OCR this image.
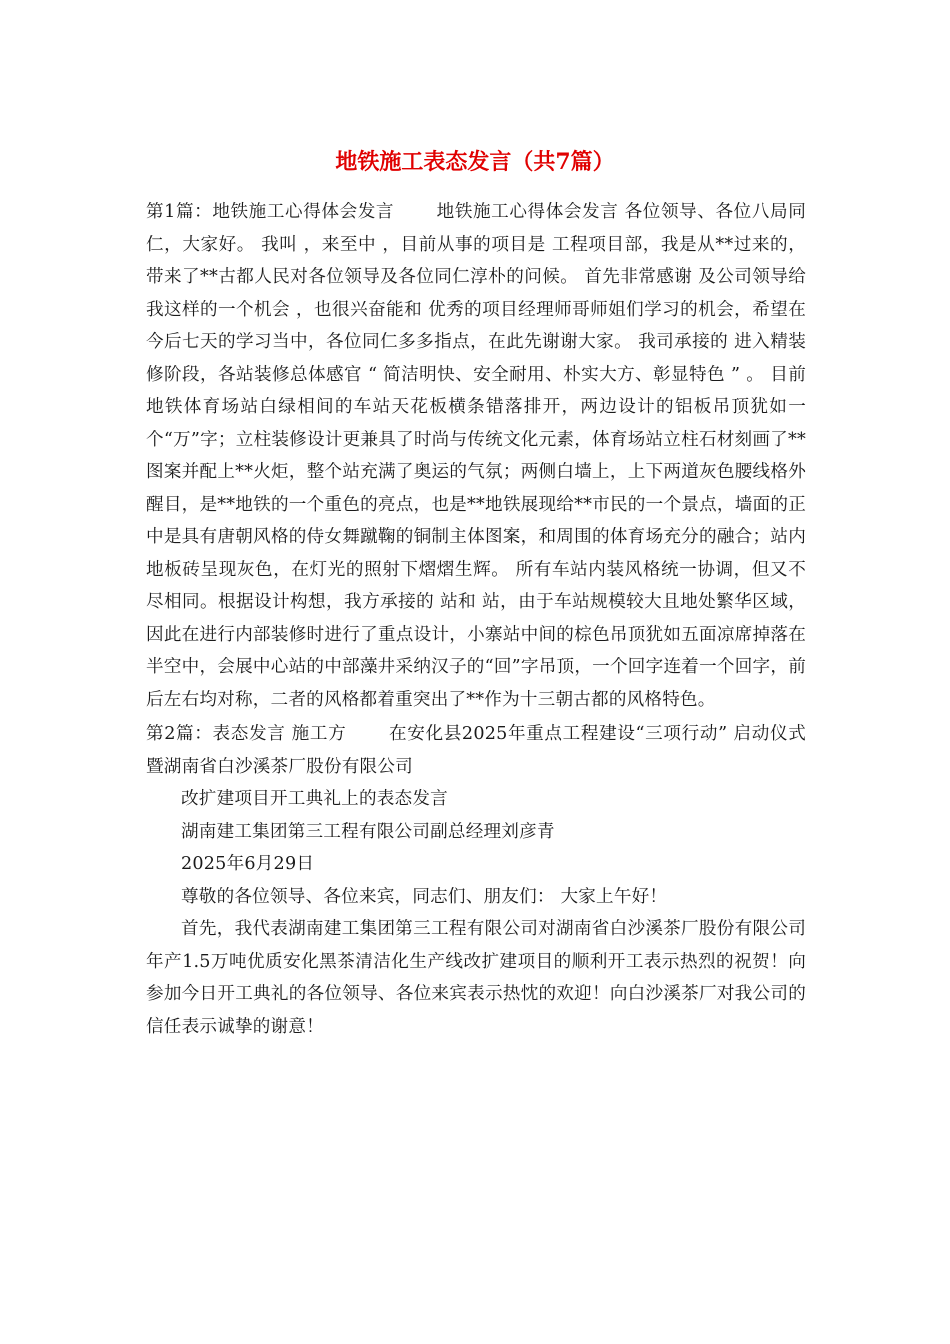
地铁施工表态发言（共7篇）

第1篇：地铁施工心得体会发言　　 地铁施工心得体会发言 各位领导、各位八局同仁，大家好。 我叫 ，来至中 ，目前从事的项目是 工程项目部，我是从**过来的，带来了**古都人民对各位领导及各位同仁淳朴的问候。 首先非常感谢 及公司领导给我这样的一个机会 ，也很兴奋能和 优秀的项目经理师哥师姐们学习的机会，希望在今后七天的学习当中，各位同仁多多指点，在此先谢谢大家。 我司承接的 进入精装修阶段，各站装修总体感官 “ 简洁明快、安全耐用、朴实大方、彰显特色 ” 。 目前 地铁体育场站白绿相间的车站天花板横条错落排开，两边设计的铝板吊顶犹如一个“万”字；立柱装修设计更兼具了时尚与传统文化元素，体育场站立柱石材刻画了**图案并配上**火炬，整个站充满了奥运的气氛；两侧白墙上，上下两道灰色腰线格外醒目，是**地铁的一个重色的亮点，也是**地铁展现给**市民的一个景点，墙面的正中是具有唐朝风格的侍女舞蹴鞠的铜制主体图案，和周围的体育场充分的融合；站内地板砖呈现灰色，在灯光的照射下熠熠生辉。 所有车站内装风格统一协调，但又不尽相同。根据设计构想，我方承接的 站和 站，由于车站规模较大且地处繁华区域，因此在进行内部装修时进行了重点设计，小寨站中间的棕色吊顶犹如五面凉席掉落在半空中，会展中心站的中部藻井采纳汉子的“回”字吊顶，一个回字连着一个回字，前后左右均对称，二者的风格都着重突出了**作为十三朝古都的风格特色。

第2篇：表态发言 施工方　　 在安化县2025年重点工程建设“三项行动” 启动仪式暨湖南省白沙溪茶厂股份有限公司

改扩建项目开工典礼上的表态发言

湖南建工集团第三工程有限公司副总经理刘彦青

2025年6月29日

尊敬的各位领导、各位来宾，同志们、朋友们： 大家上午好！

首先，我代表湖南建工集团第三工程有限公司对湖南省白沙溪茶厂股份有限公司年产1.5万吨优质安化黑茶清洁化生产线改扩建项目的顺利开工表示热烈的祝贺！向参加今日开工典礼的各位领导、各位来宾表示热忱的欢迎！向白沙溪茶厂对我公司的信任表示诚挚的谢意！
